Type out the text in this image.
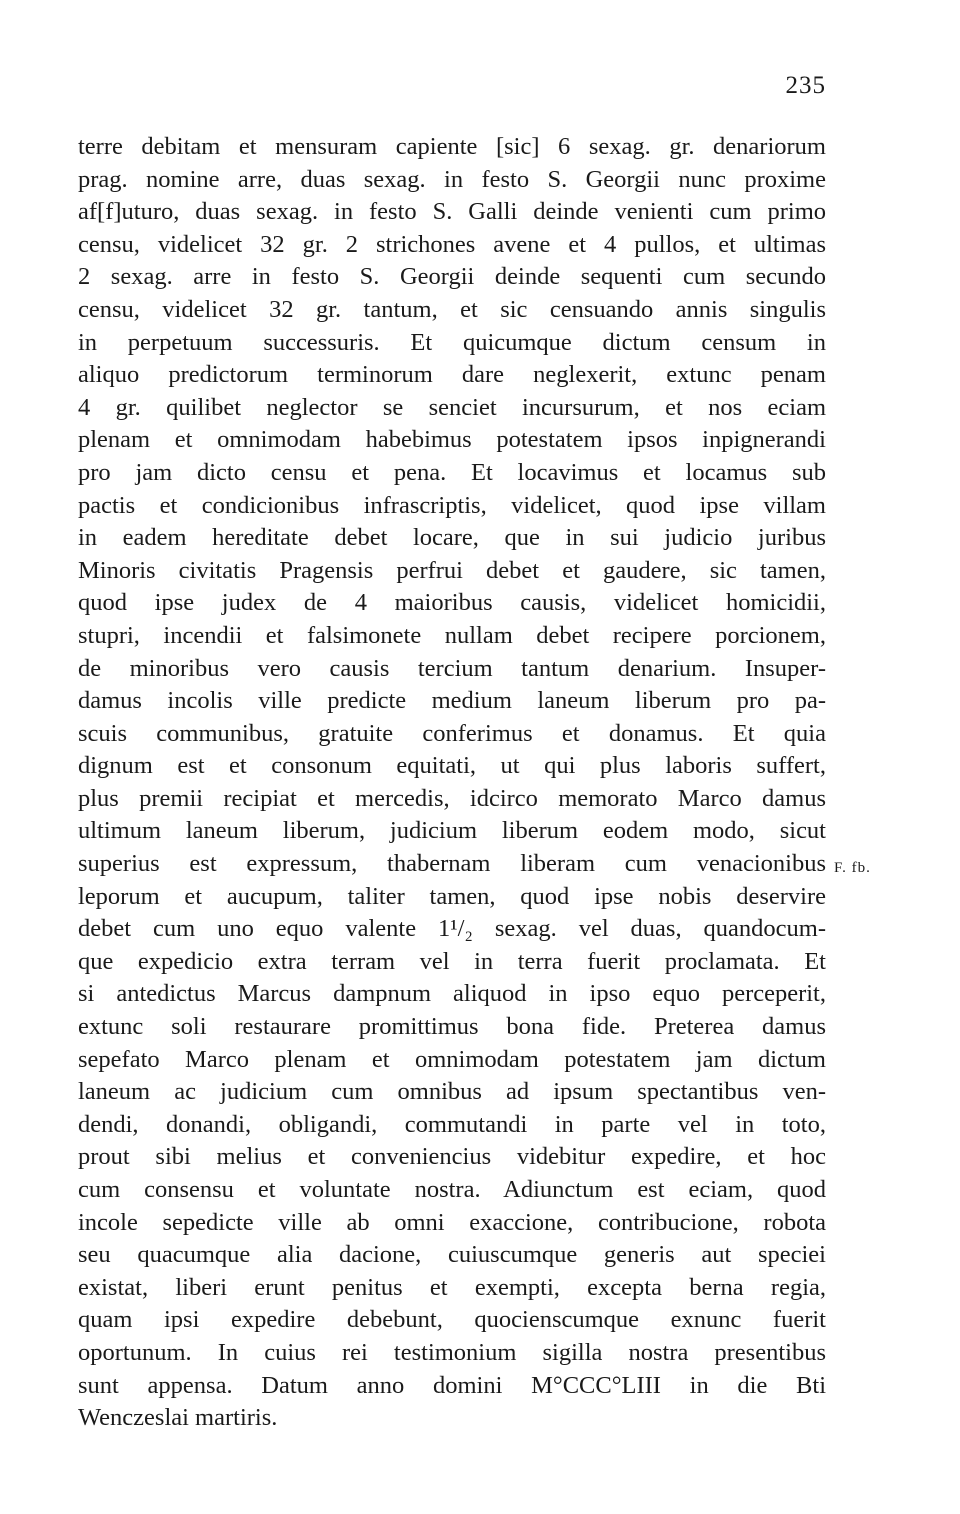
235
terre debitam et mensuram capiente [sic] 6 sexag. gr. denariorum
prag. nomine arre, duas sexag. in festo S. Georgii nunc proxime
af[f]uturo, duas sexag. in festo S. Galli deinde venienti cum primo
censu, videlicet 32 gr. 2 strichones avene et 4 pullos, et ultimas
2 sexag. arre in festo S. Georgii deinde sequenti cum secundo
censu, videlicet 32 gr. tantum, et sic censuando annis singulis
in perpetuum successuris. Et quicumque dictum censum in
aliquo predictorum terminorum dare neglexerit, extunc penam
4 gr. quilibet neglector se senciet incursurum, et nos eciam
plenam et omnimodam habebimus potestatem ipsos inpignerandi
pro jam dicto censu et pena. Et locavimus et locamus sub
pactis et condicionibus infrascriptis, videlicet, quod ipse villam
in eadem hereditate debet locare, que in sui judicio juribus
Minoris civitatis Pragensis perfrui debet et gaudere, sic tamen,
quod ipse judex de 4 maioribus causis, videlicet homicidii,
stupri, incendii et falsimonete nullam debet recipere porcionem,
de minoribus vero causis tercium tantum denarium. Insuper-
damus incolis ville predicte medium laneum liberum pro pa-
scuis communibus, gratuite conferimus et donamus. Et quia
dignum est et consonum equitati, ut qui plus laboris suffert,
plus premii recipiat et mercedis, idcirco memorato Marco damus
ultimum laneum liberum, judicium liberum eodem modo, sicut
superius est expressum, thabernam liberam cum venacionibus
leporum et aucupum, taliter tamen, quod ipse nobis deservire
debet cum uno equo valente 1¹/₂ sexag. vel duas, quandocum-
que expedicio extra terram vel in terra fuerit proclamata. Et
si antedictus Marcus dampnum aliquod in ipso equo perceperit,
extunc soli restaurare promittimus bona fide. Preterea damus
sepefato Marco plenam et omnimodam potestatem jam dictum
laneum ac judicium cum omnibus ad ipsum spectantibus ven-
dendi, donandi, obligandi, commutandi in parte vel in toto,
prout sibi melius et conveniencius videbitur expedire, et hoc
cum consensu et voluntate nostra. Adiunctum est eciam, quod
incole sepedicte ville ab omni exaccione, contribucione, robota
seu quacumque alia dacione, cuiuscumque generis aut speciei
existat, liberi erunt penitus et exempti, excepta berna regia,
quam ipsi expedire debebunt, quocienscumque exnunc fuerit
oportunum. In cuius rei testimonium sigilla nostra presentibus
sunt appensa. Datum anno domini M°CCC°LIII in die Bti
Wenczeslai martiris.
F. fb.
